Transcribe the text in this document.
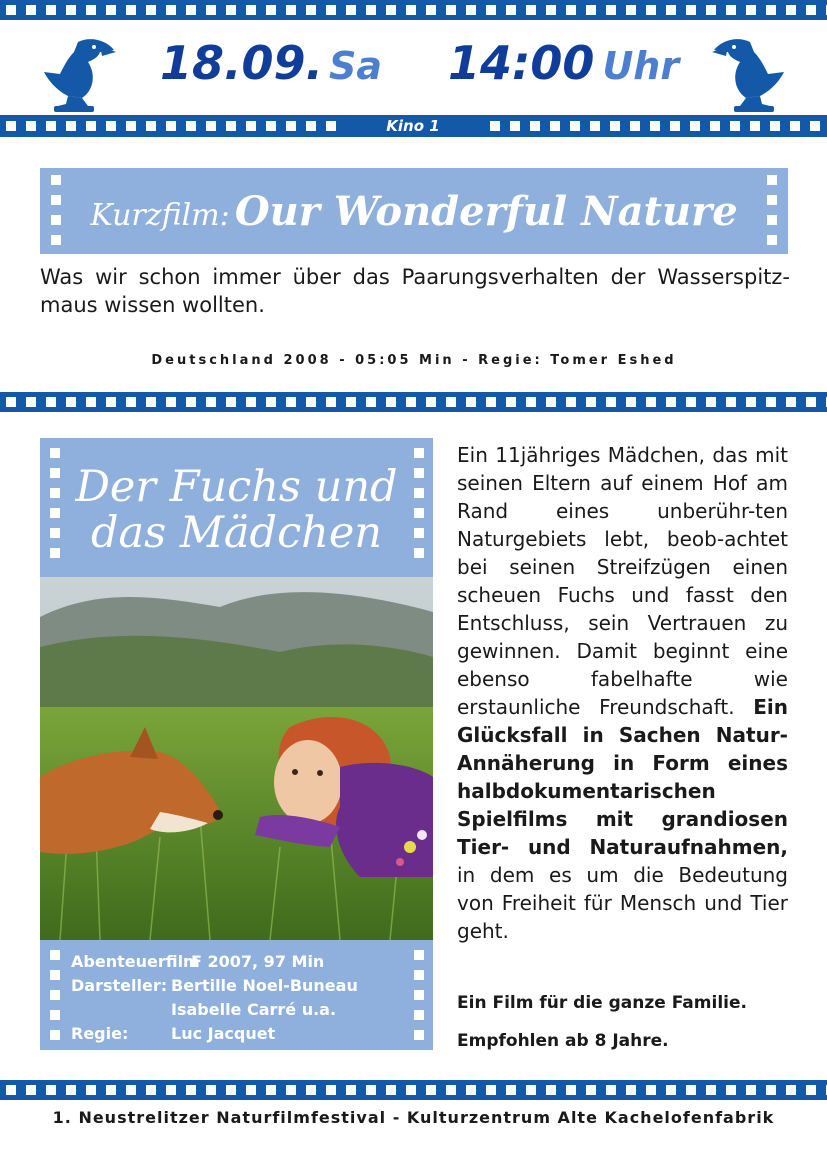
18.09. Sa 14:00 Uhr
Kino 1
Kurzfilm: Our Wonderful Nature
Was wir schon immer über das Paarungsverhalten der Wasserspitz-maus wissen wollten.
Deutschland 2008 - 05:05 Min - Regie: Tomer Eshed
Der Fuchs und
das Mädchen
AbenteuerfilmF 2007, 97 Min
Darsteller: Bertille Noel-Buneau
Isabelle Carré u.a.
Regie:	Luc Jacquet
Ein 11jähriges Mädchen, das mit seinen Eltern auf einem Hof am Rand eines unberühr-ten Naturgebiets lebt, beob-achtet bei seinen Streifzügen einen scheuen Fuchs und fasst den Entschluss, sein Vertrauen zu gewinnen. Damit beginnt eine ebenso fabelhafte wie erstaunliche Freundschaft. Ein Glücksfall in Sachen Natur-Annäherung in Form eines halbdokumentarischen Spielfilms mit grandiosen Tier- und Naturaufnahmen, in dem es um die Bedeutung von Freiheit für Mensch und Tier geht.
Ein Film für die ganze Familie.
Empfohlen ab 8 Jahre.
1. Neustrelitzer Naturfilmfestival - Kulturzentrum Alte Kachelofenfabrik
